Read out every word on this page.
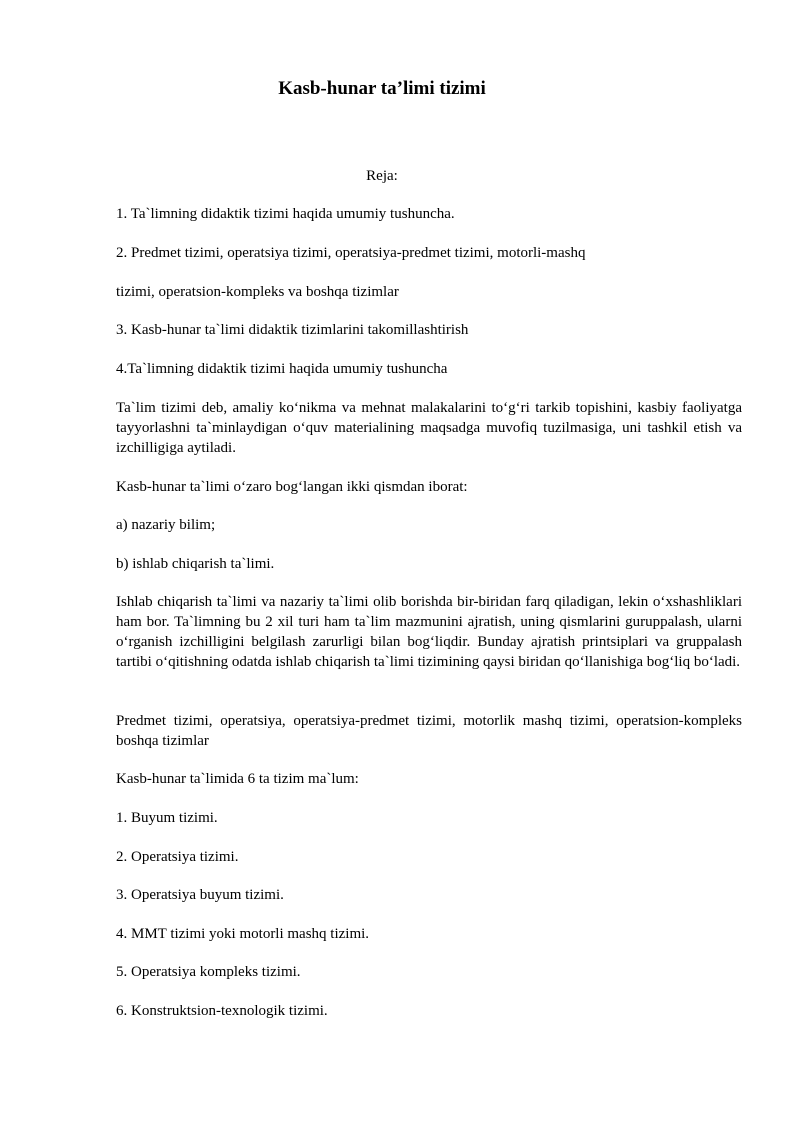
Kasb-hunar ta’limi tizimi
Reja:

1. Ta`limning didaktik tizimi haqida umumiy tushuncha.

2. Predmet tizimi, operatsiya tizimi, operatsiya-predmet tizimi, motorli-mashq

tizimi, operatsion-kompleks va boshqa tizimlar

3. Kasb-hunar ta`limi didaktik tizimlarini takomillashtirish

4.Ta`limning didaktik tizimi haqida umumiy tushuncha

Ta`lim tizimi deb, amaliy ko‘nikma va mehnat malakalarini to‘g‘ri tarkib topishini, kasbiy faoliyatga tayyorlashni ta`minlaydigan o‘quv materialining maqsadga muvofiq tuzilmasiga, uni tashkil etish va izchilligiga aytiladi.

Kasb-hunar ta`limi o‘zaro bog‘langan ikki qismdan iborat:

a) nazariy bilim;

b) ishlab chiqarish ta`limi.

Ishlab chiqarish ta`limi va nazariy ta`limi olib borishda bir-biridan farq qiladigan, lekin o‘xshashliklari ham bor. Ta`limning bu 2 xil turi ham ta`lim mazmunini ajratish, uning qismlarini guruppalash, ularni o‘rganish izchilligini belgilash zarurligi bilan bog‘liqdir. Bunday ajratish printsiplari va gruppalash tartibi o‘qitishning odatda ishlab chiqarish ta`limi tizimining qaysi biridan qo‘llanishiga bog‘liq bo‘ladi.

Predmet tizimi, operatsiya, operatsiya-predmet tizimi, motorlik mashq tizimi, operatsion-kompleks boshqa tizimlar

Kasb-hunar ta`limida 6 ta tizim ma`lum:

1. Buyum tizimi.

2. Operatsiya tizimi.

3. Operatsiya buyum tizimi.

4. MMT tizimi yoki motorli mashq tizimi.

5. Operatsiya kompleks tizimi.

6. Konstruktsion-texnologik tizimi.
